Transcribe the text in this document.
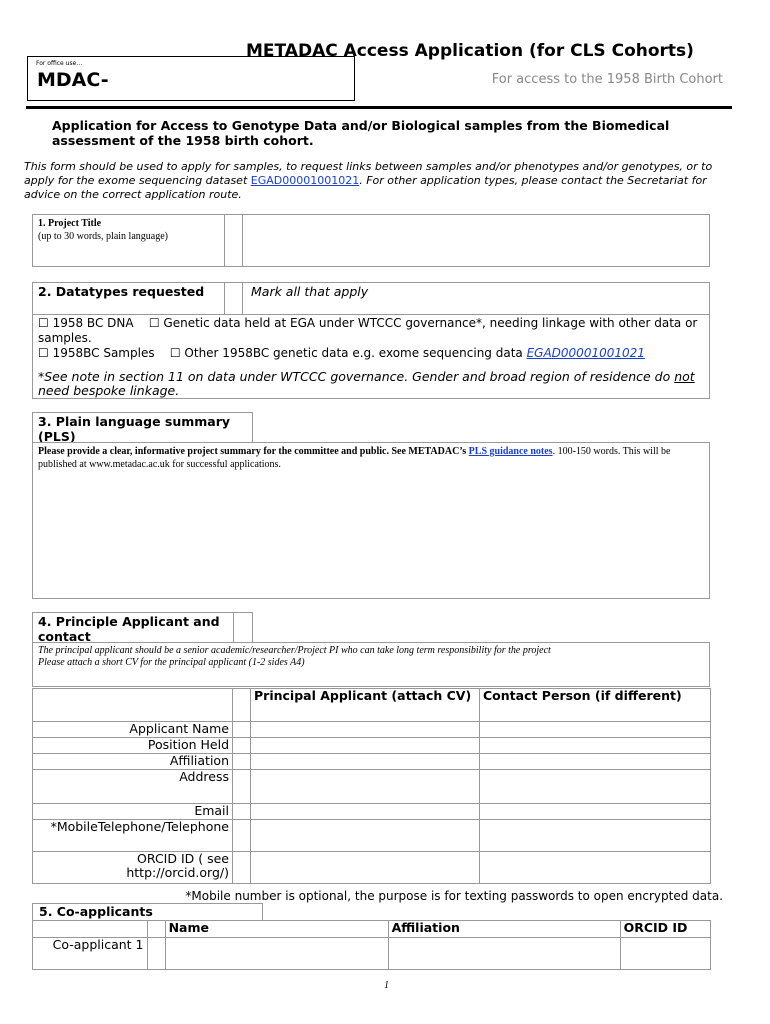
For office use…
MDAC-
METADAC Access Application (for CLS Cohorts)
For access to the 1958 Birth Cohort
Application for Access to Genotype Data and/or Biological samples from the Biomedical assessment of the 1958 birth cohort.
This form should be used to apply for samples, to request links between samples and/or phenotypes and/or genotypes, or to apply for the exome sequencing dataset EGAD00001001021. For other application types, please contact the Secretariat for advice on the correct application route.
1. Project Title
(up to 30 words, plain language)
2. Datatypes requested	Mark all that apply
☐ 1958 BC DNA ☐ Genetic data held at EGA under WTCCC governance*, needing linkage with other data or samples.
☐ 1958BC Samples ☐ Other 1958BC genetic data e.g. exome sequencing data EGAD00001001021
*See note in section 11 on data under WTCCC governance. Gender and broad region of residence do not need bespoke linkage.
3. Plain language summary (PLS)
Please provide a clear, informative project summary for the committee and public. See METADAC’s PLS guidance notes. 100-150 words. This will be published at www.metadac.ac.uk for successful applications.
4. Principle Applicant and contact
The principal applicant should be a senior academic/researcher/Project PI who can take long term responsibility for the project
Please attach a short CV for the principal applicant (1-2 sides A4)
		Principal Applicant (attach CV)	Contact Person (if different)
Applicant Name			
Position Held			
Affiliation			
Address			
Email			
*MobileTelephone/Telephone			
ORCID ID ( see http://orcid.org/)			
*Mobile number is optional, the purpose is for texting passwords to open encrypted data.
5. Co-applicants
		Name	Affiliation	ORCID ID
Co-applicant 1				
1
